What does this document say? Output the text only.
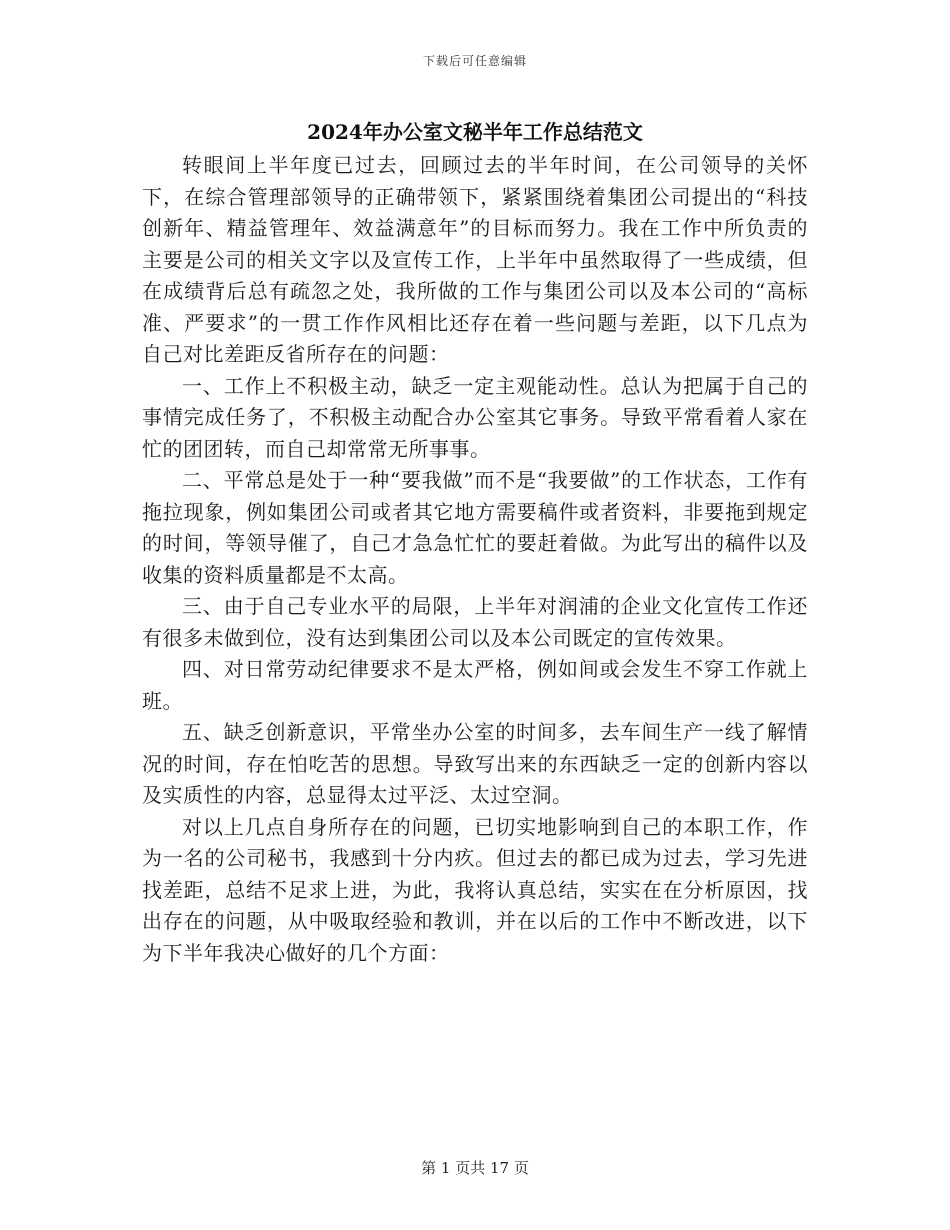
下载后可任意编辑
2024年办公室文秘半年工作总结范文

转眼间上半年度已过去，回顾过去的半年时间，在公司领导的关怀下，在综合管理部领导的正确带领下，紧紧围绕着集团公司提出的“科技创新年、精益管理年、效益满意年”的目标而努力。我在工作中所负责的主要是公司的相关文字以及宣传工作，上半年中虽然取得了一些成绩，但在成绩背后总有疏忽之处，我所做的工作与集团公司以及本公司的“高标准、严要求”的一贯工作作风相比还存在着一些问题与差距，以下几点为自己对比差距反省所存在的问题：

一、工作上不积极主动，缺乏一定主观能动性。总认为把属于自己的事情完成任务了，不积极主动配合办公室其它事务。导致平常看着人家在忙的团团转，而自己却常常无所事事。

二、平常总是处于一种“要我做”而不是“我要做”的工作状态，工作有拖拉现象，例如集团公司或者其它地方需要稿件或者资料，非要拖到规定的时间，等领导催了，自己才急急忙忙的要赶着做。为此写出的稿件以及收集的资料质量都是不太高。

三、由于自己专业水平的局限，上半年对润浦的企业文化宣传工作还有很多未做到位，没有达到集团公司以及本公司既定的宣传效果。

四、对日常劳动纪律要求不是太严格，例如间或会发生不穿工作就上班。

五、缺乏创新意识，平常坐办公室的时间多，去车间生产一线了解情况的时间，存在怕吃苦的思想。导致写出来的东西缺乏一定的创新内容以及实质性的内容，总显得太过平泛、太过空洞。

对以上几点自身所存在的问题，已切实地影响到自己的本职工作，作为一名的公司秘书，我感到十分内疚。但过去的都已成为过去，学习先进找差距，总结不足求上进，为此，我将认真总结，实实在在分析原因，找出存在的问题，从中吸取经验和教训，并在以后的工作中不断改进，以下为下半年我决心做好的几个方面：

第 1 页共 17 页
